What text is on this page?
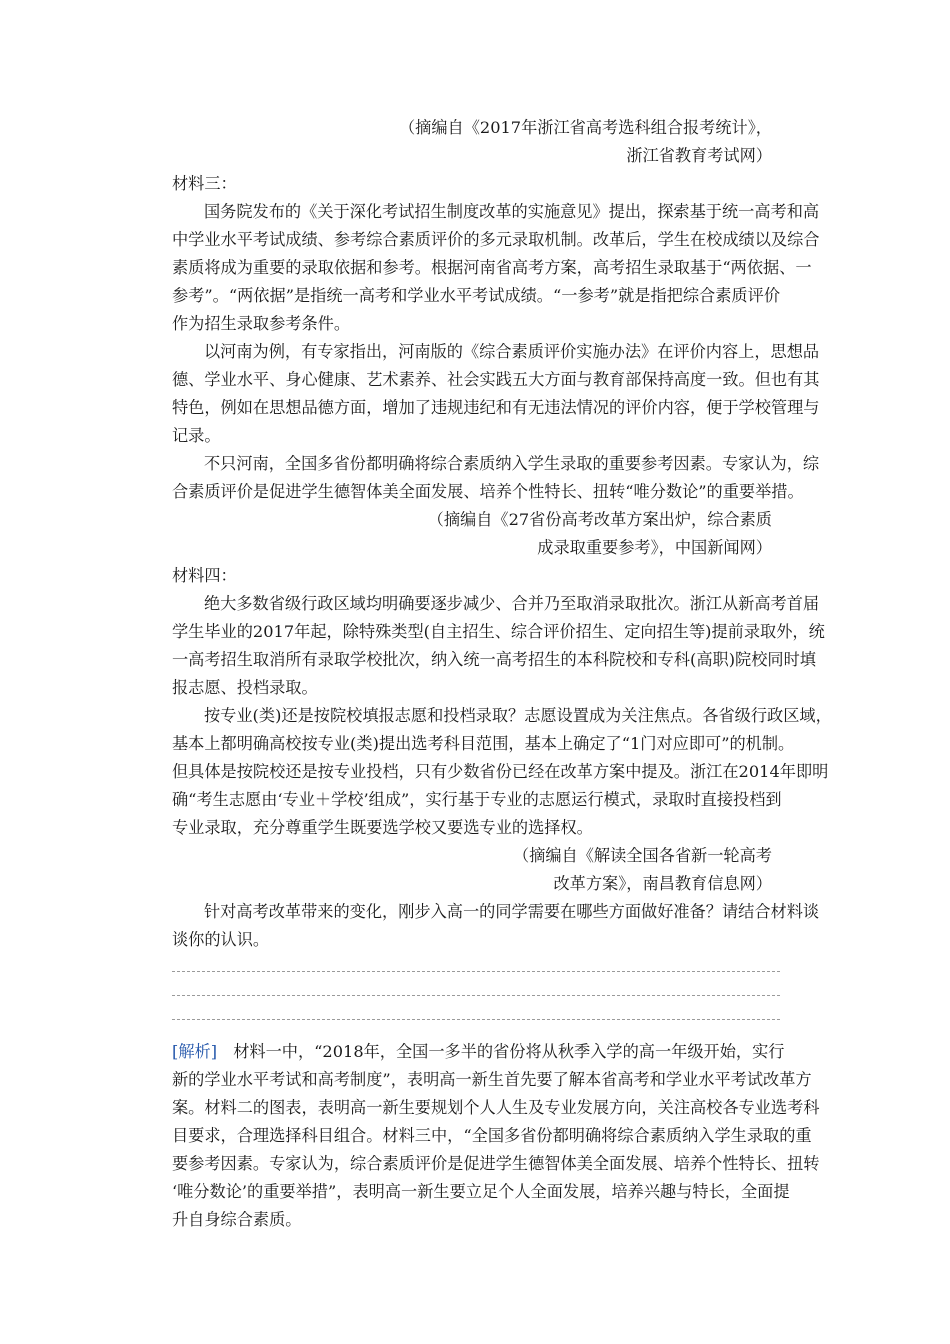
（摘编自《2017年浙江省高考选科组合报考统计》，
浙江省教育考试网）
材料三：
国务院发布的《关于深化考试招生制度改革的实施意见》提出，探索基于统一高考和高
中学业水平考试成绩、参考综合素质评价的多元录取机制。改革后，学生在校成绩以及综合
素质将成为重要的录取依据和参考。根据河南省高考方案，高考招生录取基于“两依据、一
参考”。“两依据”是指统一高考和学业水平考试成绩。“一参考”就是指把综合素质评价
作为招生录取参考条件。
以河南为例，有专家指出，河南版的《综合素质评价实施办法》在评价内容上，思想品
德、学业水平、身心健康、艺术素养、社会实践五大方面与教育部保持高度一致。但也有其
特色，例如在思想品德方面，增加了违规违纪和有无违法情况的评价内容，便于学校管理与
记录。
不只河南，全国多省份都明确将综合素质纳入学生录取的重要参考因素。专家认为，综
合素质评价是促进学生德智体美全面发展、培养个性特长、扭转“唯分数论”的重要举措。
（摘编自《27省份高考改革方案出炉，综合素质
成录取重要参考》，中国新闻网）
材料四：
绝大多数省级行政区域均明确要逐步减少、合并乃至取消录取批次。浙江从新高考首届
学生毕业的2017年起，除特殊类型(自主招生、综合评价招生、定向招生等)提前录取外，统
一高考招生取消所有录取学校批次，纳入统一高考招生的本科院校和专科(高职)院校同时填
报志愿、投档录取。
按专业(类)还是按院校填报志愿和投档录取？志愿设置成为关注焦点。各省级行政区域，
基本上都明确高校按专业(类)提出选考科目范围，基本上确定了“1门对应即可”的机制。
但具体是按院校还是按专业投档，只有少数省份已经在改革方案中提及。浙江在2014年即明
确“考生志愿由‘专业＋学校’组成”，实行基于专业的志愿运行模式，录取时直接投档到
专业录取，充分尊重学生既要选学校又要选专业的选择权。
（摘编自《解读全国各省新一轮高考
改革方案》，南昌教育信息网）
针对高考改革带来的变化，刚步入高一的同学需要在哪些方面做好准备？请结合材料谈
谈你的认识。
[解析]　材料一中，“2018年，全国一多半的省份将从秋季入学的高一年级开始，实行
新的学业水平考试和高考制度”，表明高一新生首先要了解本省高考和学业水平考试改革方
案。材料二的图表，表明高一新生要规划个人人生及专业发展方向，关注高校各专业选考科
目要求，合理选择科目组合。材料三中，“全国多省份都明确将综合素质纳入学生录取的重
要参考因素。专家认为，综合素质评价是促进学生德智体美全面发展、培养个性特长、扭转
‘唯分数论’的重要举措”，表明高一新生要立足个人全面发展，培养兴趣与特长，全面提
升自身综合素质。
